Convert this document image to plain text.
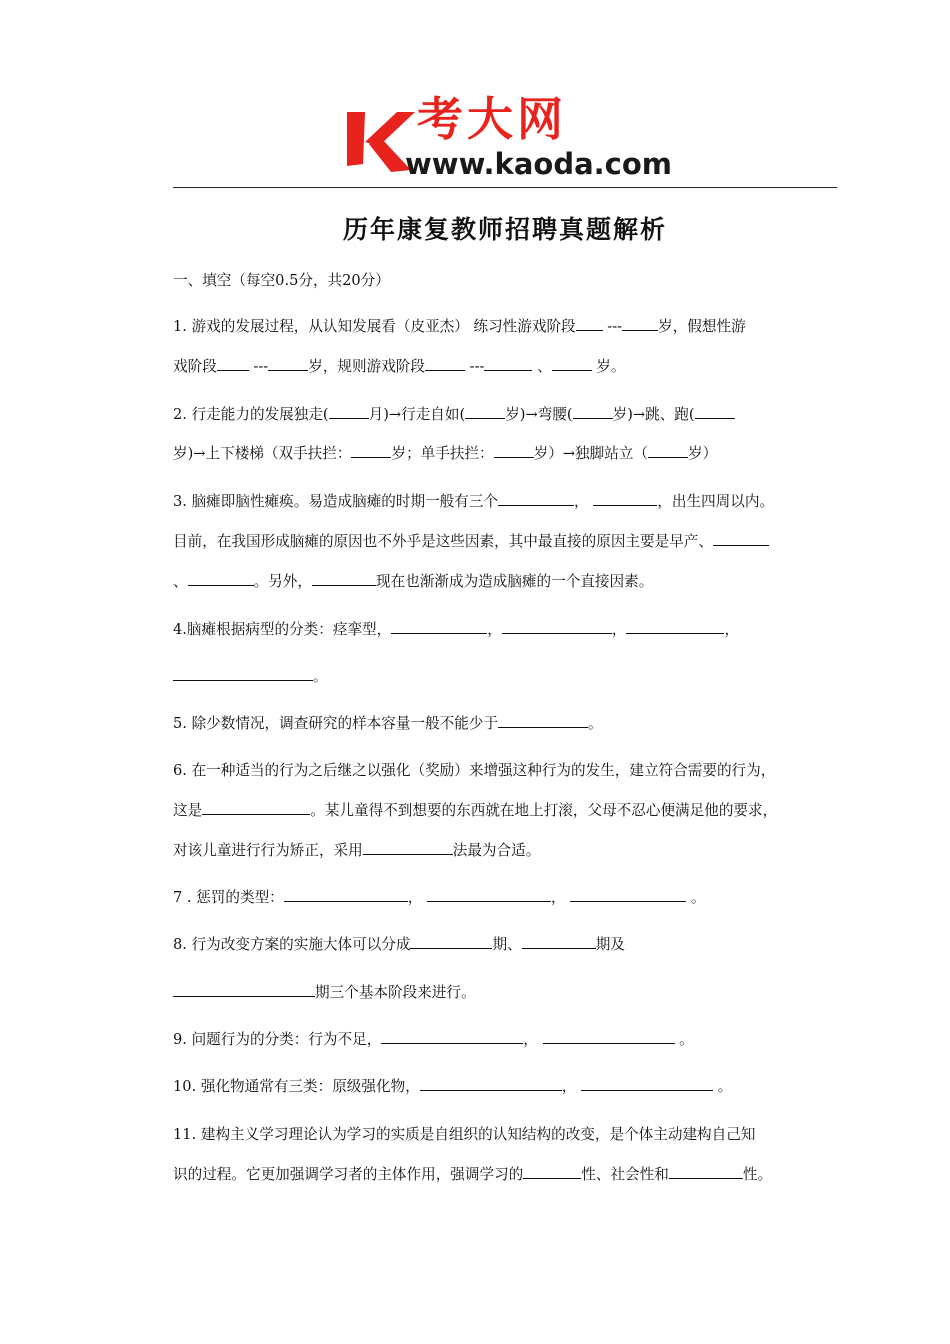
考大网
www.kaoda.com
历年康复教师招聘真题解析
一、填空（每空0.5分，共20分）
1. 游戏的发展过程，从认知发展看（皮亚杰） 练习性游戏阶段 --- 岁，假想性游
戏阶段 ---	岁，规则游戏阶段	---	、	岁。
2. 行走能力的发展独走(	月)→行走自如(	岁)→弯腰(	岁)→跳、跑(
岁)→上下楼梯（双手扶拦：	岁；单手扶拦：	岁）→独脚站立（	岁）
3. 脑瘫即脑性瘫痪。易造成脑瘫的时期一般有三个	，	，出生四周以内。
目前，在我国形成脑瘫的原因也不外乎是这些因素，其中最直接的原因主要是早产、
、	。另外，	现在也渐渐成为造成脑瘫的一个直接因素。
4.脑瘫根据病型的分类：痉挛型，	，	，	，
。
5. 除少数情况，调查研究的样本容量一般不能少于	。
6. 在一种适当的行为之后继之以强化（奖励）来增强这种行为的发生，建立符合需要的行为，
这是	。某儿童得不到想要的东西就在地上打滚，父母不忍心便满足他的要求，
对该儿童进行行为矫正，采用	法最为合适。
7 . 惩罚的类型：	，	，	。
8. 行为改变方案的实施大体可以分成	期、	期及
期三个基本阶段来进行。
9. 问题行为的分类：行为不足，	，	。
10. 强化物通常有三类：原级强化物，	，	。
11. 建构主义学习理论认为学习的实质是自组织的认知结构的改变，是个体主动建构自己知
识的过程。它更加强调学习者的主体作用，强调学习的	性、社会性和	性。
